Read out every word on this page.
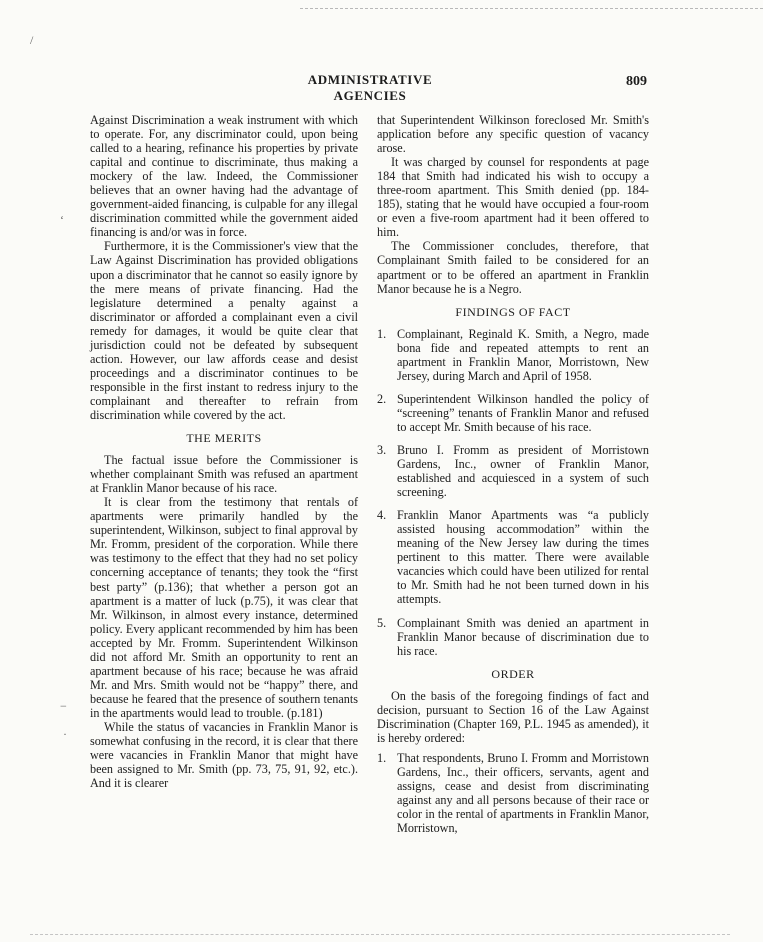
/
‘
−
·
ADMINISTRATIVE AGENCIES
809

Against Discrimination a weak instrument with which to operate. For, any discriminator could, upon being called to a hearing, refinance his properties by private capital and continue to discriminate, thus making a mockery of the law. Indeed, the Commissioner believes that an owner having had the advantage of government-aided financing, is culpable for any illegal discrimination committed while the government aided financing is and/or was in force.

Furthermore, it is the Commissioner's view that the Law Against Discrimination has provided obligations upon a discriminator that he cannot so easily ignore by the mere means of private financing. Had the legislature determined a penalty against a discriminator or afforded a complainant even a civil remedy for damages, it would be quite clear that jurisdiction could not be defeated by subsequent action. However, our law affords cease and desist proceedings and a discriminator continues to be responsible in the first instant to redress injury to the complainant and thereafter to refrain from discrimination while covered by the act.

THE MERITS

The factual issue before the Commissioner is whether complainant Smith was refused an apartment at Franklin Manor because of his race.

It is clear from the testimony that rentals of apartments were primarily handled by the superintendent, Wilkinson, subject to final approval by Mr. Fromm, president of the corporation. While there was testimony to the effect that they had no set policy concerning acceptance of tenants; they took the “first best party” (p.136); that whether a person got an apartment is a matter of luck (p.75), it was clear that Mr. Wilkinson, in almost every instance, determined policy. Every applicant recommended by him has been accepted by Mr. Fromm. Superintendent Wilkinson did not afford Mr. Smith an opportunity to rent an apartment because of his race; because he was afraid Mr. and Mrs. Smith would not be “happy” there, and because he feared that the presence of southern tenants in the apartments would lead to trouble. (p.181)

While the status of vacancies in Franklin Manor is somewhat confusing in the record, it is clear that there were vacancies in Franklin Manor that might have been assigned to Mr. Smith (pp. 73, 75, 91, 92, etc.). And it is clearer

that Superintendent Wilkinson foreclosed Mr. Smith's application before any specific question of vacancy arose.

It was charged by counsel for respondents at page 184 that Smith had indicated his wish to occupy a three-room apartment. This Smith denied (pp. 184-185), stating that he would have occupied a four-room or even a five-room apartment had it been offered to him.

The Commissioner concludes, therefore, that Complainant Smith failed to be considered for an apartment or to be offered an apartment in Franklin Manor because he is a Negro.

FINDINGS OF FACT

1. Complainant, Reginald K. Smith, a Negro, made bona fide and repeated attempts to rent an apartment in Franklin Manor, Morristown, New Jersey, during March and April of 1958.
2. Superintendent Wilkinson handled the policy of “screening” tenants of Franklin Manor and refused to accept Mr. Smith because of his race.
3. Bruno I. Fromm as president of Morristown Gardens, Inc., owner of Franklin Manor, established and acquiesced in a system of such screening.
4. Franklin Manor Apartments was “a publicly assisted housing accommodation” within the meaning of the New Jersey law during the times pertinent to this matter. There were available vacancies which could have been utilized for rental to Mr. Smith had he not been turned down in his attempts.
5. Complainant Smith was denied an apartment in Franklin Manor because of discrimination due to his race.

ORDER

On the basis of the foregoing findings of fact and decision, pursuant to Section 16 of the Law Against Discrimination (Chapter 169, P.L. 1945 as amended), it is hereby ordered:

1. That respondents, Bruno I. Fromm and Morristown Gardens, Inc., their officers, servants, agent and assigns, cease and desist from discriminating against any and all persons because of their race or color in the rental of apartments in Franklin Manor, Morristown,
